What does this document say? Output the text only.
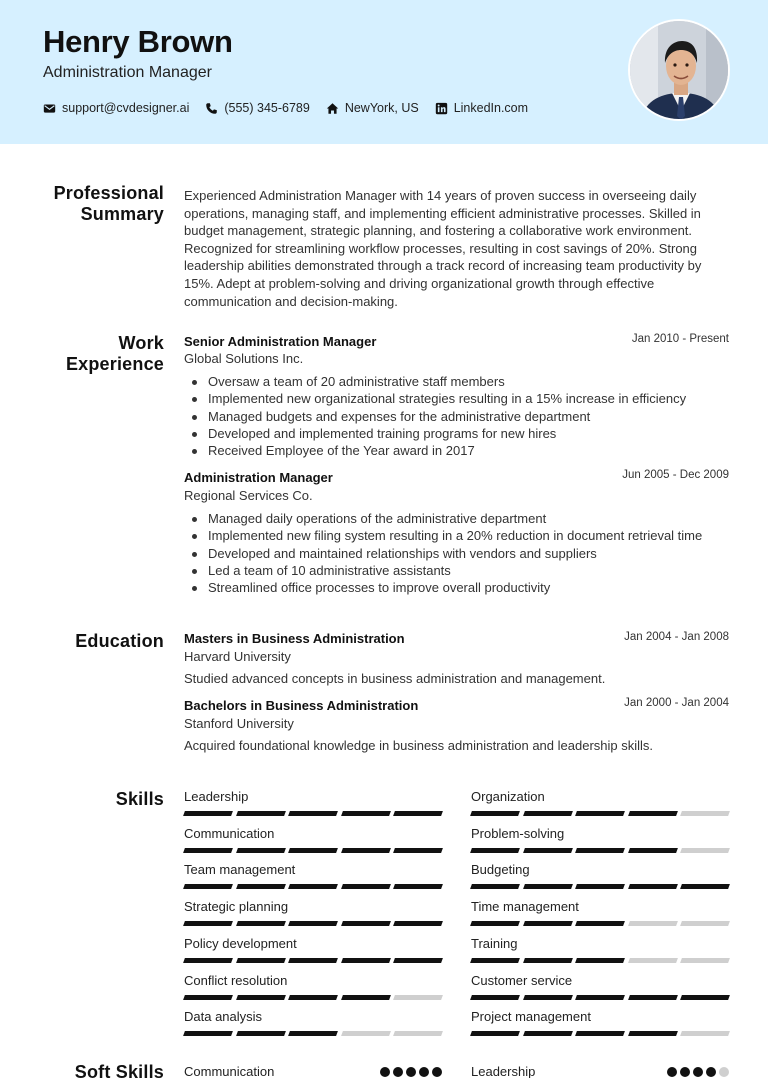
Henry Brown
Administration Manager
support@cvdesigner.ai	(555) 345-6789	NewYork, US	LinkedIn.com
Professional
Summary
Work
Experience
Education
Skills
Soft Skills
Experienced Administration Manager with 14 years of proven success in overseeing daily operations, managing staff, and implementing efficient administrative processes. Skilled in budget management, strategic planning, and fostering a collaborative work environment. Recognized for streamlining workflow processes, resulting in cost savings of 20%. Strong leadership abilities demonstrated through a track record of increasing team productivity by 15%. Adept at problem-solving and driving organizational growth through effective communication and decision-making.
Senior Administration Manager	Jan 2010 - Present
Global Solutions Inc.
Oversaw a team of 20 administrative staff members
Implemented new organizational strategies resulting in a 15% increase in efficiency
Managed budgets and expenses for the administrative department
Developed and implemented training programs for new hires
Received Employee of the Year award in 2017
Administration Manager	Jun 2005 - Dec 2009
Regional Services Co.
Managed daily operations of the administrative department
Implemented new filing system resulting in a 20% reduction in document retrieval time
Developed and maintained relationships with vendors and suppliers
Led a team of 10 administrative assistants
Streamlined office processes to improve overall productivity
Masters in Business Administration	Jan 2004 - Jan 2008
Harvard University
Studied advanced concepts in business administration and management.
Bachelors in Business Administration	Jan 2000 - Jan 2004
Stanford University
Acquired foundational knowledge in business administration and leadership skills.
Leadership	Organization
Communication	Problem-solving
Team management	Budgeting
Strategic planning	Time management
Policy development	Training
Conflict resolution	Customer service
Data analysis	Project management
Communication	Leadership
